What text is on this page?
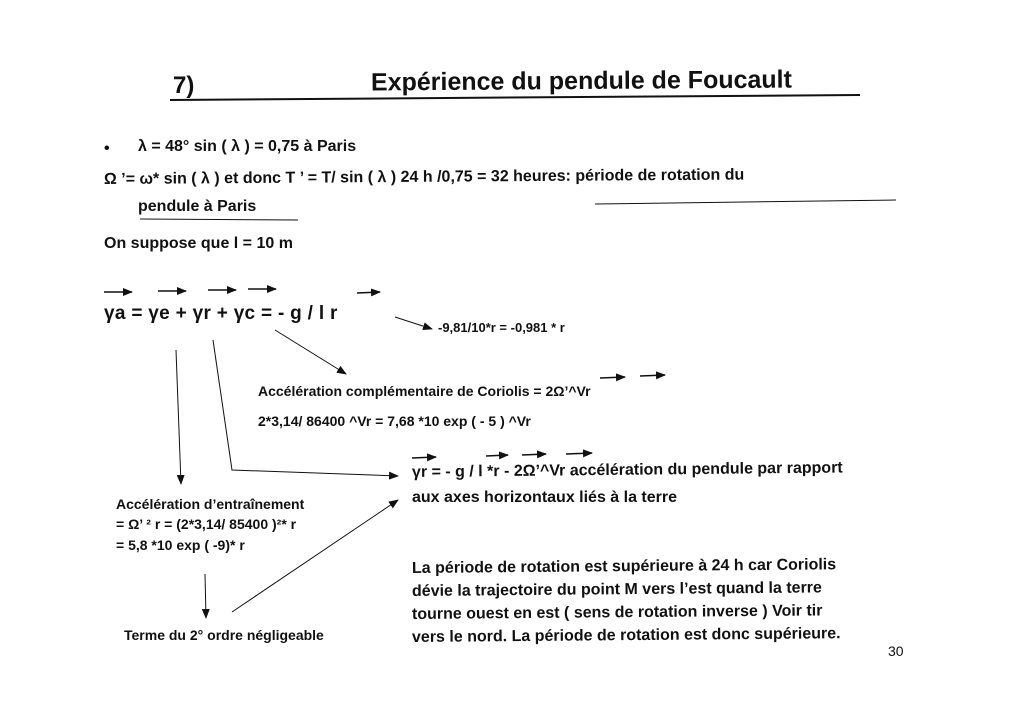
7)	Expérience du pendule de Foucault
• λ = 48° sin ( λ ) = 0,75 à Paris
Ω ’= ω* sin ( λ ) et donc T ’ = T/ sin ( λ ) 24 h /0,75 = 32 heures: période de rotation du
pendule à Paris
On suppose que l = 10 m
γa = γe + γr + γc = - g / l r
-9,81/10*r = -0,981 * r
Accélération complémentaire de Coriolis = 2Ω’^Vr
2*3,14/ 86400 ^Vr = 7,68 *10 exp ( - 5 ) ^Vr
γr = - g / l *r - 2Ω’^Vr accélération du pendule par rapport
aux axes horizontaux liés à la terre
Accélération d’entraînement
= Ω’ ² r = (2*3,14/ 85400 )²* r
= 5,8 *10 exp ( -9)* r
Terme du 2° ordre négligeable
La période de rotation est supérieure à 24 h car Coriolis
dévie la trajectoire du point M vers l’est quand la terre
tourne ouest en est ( sens de rotation inverse ) Voir tir
vers le nord. La période de rotation est donc supérieure.
30
